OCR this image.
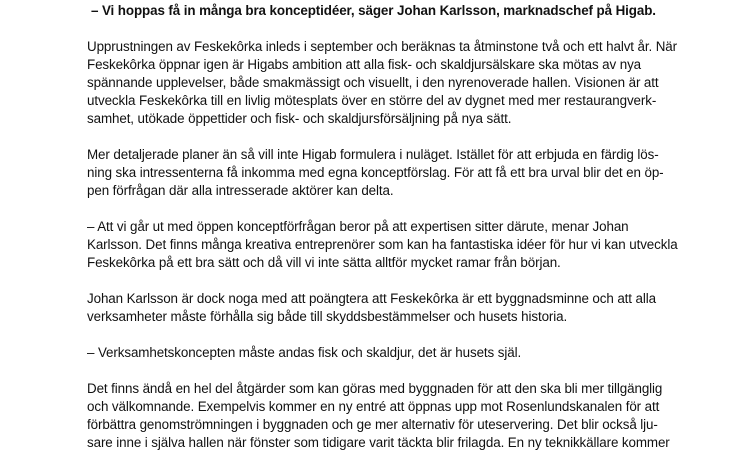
– Vi hoppas få in många bra konceptidéer, säger Johan Karlsson, marknadschef på Higab.

Upprustningen av Feskekôrka inleds i september och beräknas ta åtminstone två och ett halvt år. När
Feskekôrka öppnar igen är Higabs ambition att alla fisk- och skaldjursälskare ska mötas av nya
spännande upplevelser, både smakmässigt och visuellt, i den nyrenoverade hallen. Visionen är att
utveckla Feskekôrka till en livlig mötesplats över en större del av dygnet med mer restaurangverk-
samhet, utökade öppettider och fisk- och skaldjursförsäljning på nya sätt.

Mer detaljerade planer än så vill inte Higab formulera i nuläget. Istället för att erbjuda en färdig lös-
ning ska intressenterna få inkomma med egna konceptförslag. För att få ett bra urval blir det en öp-
pen förfrågan där alla intresserade aktörer kan delta.

– Att vi går ut med öppen konceptförfrågan beror på att expertisen sitter därute, menar Johan
Karlsson. Det finns många kreativa entreprenörer som kan ha fantastiska idéer för hur vi kan utveckla
Feskekôrka på ett bra sätt och då vill vi inte sätta alltför mycket ramar från början.

Johan Karlsson är dock noga med att poängtera att Feskekôrka är ett byggnadsminne och att alla
verksamheter måste förhålla sig både till skyddsbestämmelser och husets historia.

– Verksamhetskoncepten måste andas fisk och skaldjur, det är husets själ.

Det finns ändå en hel del åtgärder som kan göras med byggnaden för att den ska bli mer tillgänglig
och välkomnande. Exempelvis kommer en ny entré att öppnas upp mot Rosenlundskanalen för att
förbättra genomströmningen i byggnaden och ge mer alternativ för uteservering. Det blir också lju-
sare inne i själva hallen när fönster som tidigare varit täckta blir frilagda. En ny teknikkällare kommer
